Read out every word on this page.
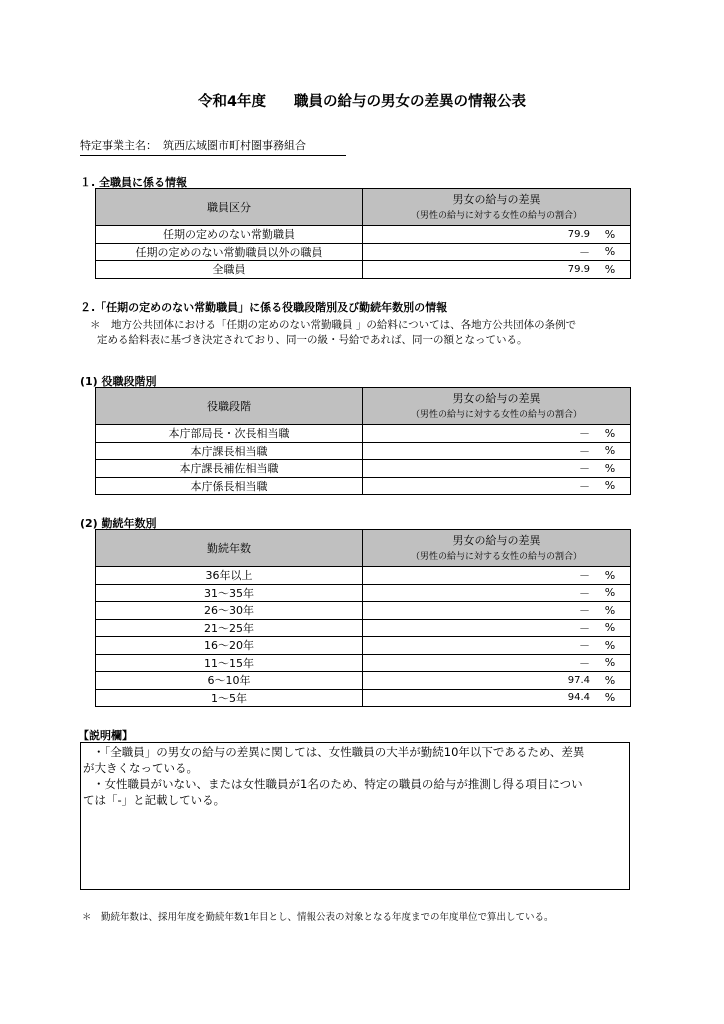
令和4年度 職員の給与の男女の差異の情報公表
特定事業主名： 筑西広域圏市町村圏事務組合
１. 全職員に係る情報
職員区分	男女の給与の差異
（男性の給与に対する女性の給与の割合）

任期の定めのない常勤職員	79.9 %

任期の定めのない常勤職員以外の職員	－ %

全職員	79.9 %
２.「任期の定めのない常勤職員」に係る役職段階別及び勤続年数別の情報
＊　地方公共団体における「任期の定めのない常勤職員 」の給料については、各地方公共団体の条例で
定める給料表に基づき決定されており、同一の級・号給であれば、同一の額となっている。
(1) 役職段階別
役職段階	男女の給与の差異
（男性の給与に対する女性の給与の割合）

本庁部局長・次長相当職	－ %

本庁課長相当職	－ %

本庁課長補佐相当職	－ %

本庁係長相当職	－ %
(2) 勤続年数別
勤続年数	男女の給与の差異
（男性の給与に対する女性の給与の割合）

36年以上	－ %

31～35年	－ %

26～30年	－ %

21～25年	－ %

16～20年	－ %

11～15年	－ %

6～10年	97.4 %

1～5年	94.4 %
【説明欄】

・「全職員」の男女の給与の差異に関しては、女性職員の大半が勤続10年以下であるため、差異

が大きくなっている。

・女性職員がいない、または女性職員が1名のため、特定の職員の給与が推測し得る項目につい

ては「-」と記載している。

＊　勤続年数は、採用年度を勤続年数1年目とし、情報公表の対象となる年度までの年度単位で算出している。
